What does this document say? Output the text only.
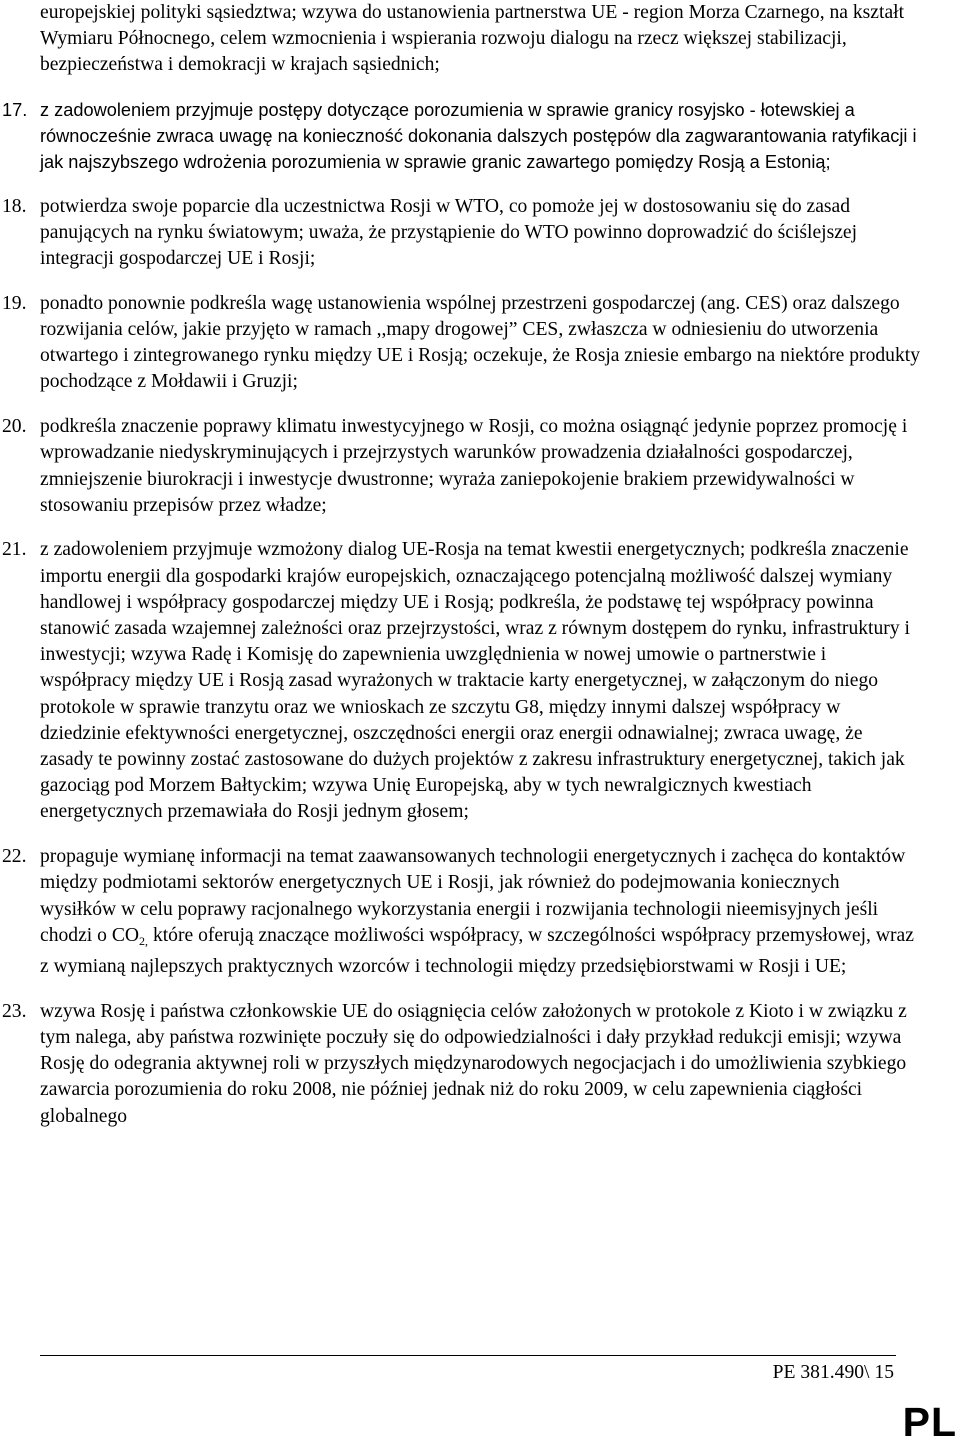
europejskiej polityki sąsiedztwa; wzywa do ustanowienia partnerstwa UE - region Morza Czarnego, na kształt Wymiaru Północnego, celem wzmocnienia i wspierania rozwoju dialogu na rzecz większej stabilizacji, bezpieczeństwa i demokracji w krajach sąsiednich;

17. z zadowoleniem przyjmuje postępy dotyczące porozumienia w sprawie granicy rosyjsko - łotewskiej a równocześnie zwraca uwagę na konieczność dokonania dalszych postępów dla zagwarantowania ratyfikacji i jak najszybszego wdrożenia porozumienia w sprawie granic zawartego pomiędzy Rosją a Estonią;

18. potwierdza swoje poparcie dla uczestnictwa Rosji w WTO, co pomoże jej w dostosowaniu się do zasad panujących na rynku światowym; uważa, że przystąpienie do WTO powinno doprowadzić do ściślejszej integracji gospodarczej UE i Rosji;

19. ponadto ponownie podkreśla wagę ustanowienia wspólnej przestrzeni gospodarczej (ang. CES) oraz dalszego rozwijania celów, jakie przyjęto w ramach ,,mapy drogowej” CES, zwłaszcza w odniesieniu do utworzenia otwartego i zintegrowanego rynku między UE i Rosją; oczekuje, że Rosja zniesie embargo na niektóre produkty pochodzące z Mołdawii i Gruzji;

20. podkreśla znaczenie poprawy klimatu inwestycyjnego w Rosji, co można osiągnąć jedynie poprzez promocję i wprowadzanie niedyskryminujących i przejrzystych warunków prowadzenia działalności gospodarczej, zmniejszenie biurokracji i inwestycje dwustronne; wyraża zaniepokojenie brakiem przewidywalności w stosowaniu przepisów przez władze;

21. z zadowoleniem przyjmuje wzmożony dialog UE-Rosja na temat kwestii energetycznych; podkreśla znaczenie importu energii dla gospodarki krajów europejskich, oznaczającego potencjalną możliwość dalszej wymiany handlowej i współpracy gospodarczej między UE i Rosją; podkreśla, że podstawę tej współpracy powinna stanowić zasada wzajemnej zależności oraz przejrzystości, wraz z równym dostępem do rynku, infrastruktury i inwestycji; wzywa Radę i Komisję do zapewnienia uwzględnienia w nowej umowie o partnerstwie i współpracy między UE i Rosją zasad wyrażonych w traktacie karty energetycznej, w załączonym do niego protokole w sprawie tranzytu oraz we wnioskach ze szczytu G8, między innymi dalszej współpracy w dziedzinie efektywności energetycznej, oszczędności energii oraz energii odnawialnej; zwraca uwagę, że zasady te powinny zostać zastosowane do dużych projektów z zakresu infrastruktury energetycznej, takich jak gazociąg pod Morzem Bałtyckim; wzywa Unię Europejską, aby w tych newralgicznych kwestiach energetycznych przemawiała do Rosji jednym głosem;

22. propaguje wymianę informacji na temat zaawansowanych technologii energetycznych i zachęca do kontaktów między podmiotami sektorów energetycznych UE i Rosji, jak również do podejmowania koniecznych wysiłków w celu poprawy racjonalnego wykorzystania energii i rozwijania technologii nieemisyjnych jeśli chodzi o $CO_{2,}$ które oferują znaczące możliwości współpracy, w szczególności współpracy przemysłowej, wraz z wymianą najlepszych praktycznych wzorców i technologii między przedsiębiorstwami w Rosji i UE;

23. wzywa Rosję i państwa członkowskie UE do osiągnięcia celów założonych w protokole z Kioto i w związku z tym nalega, aby państwa rozwinięte poczuły się do odpowiedzialności i dały przykład redukcji emisji; wzywa Rosję do odegrania aktywnej roli w przyszłych międzynarodowych negocjacjach i do umożliwienia szybkiego zawarcia porozumienia do roku 2008, nie później jednak niż do roku 2009, w celu zapewnienia ciągłości globalnego

PE 381.490\ 15
PL
